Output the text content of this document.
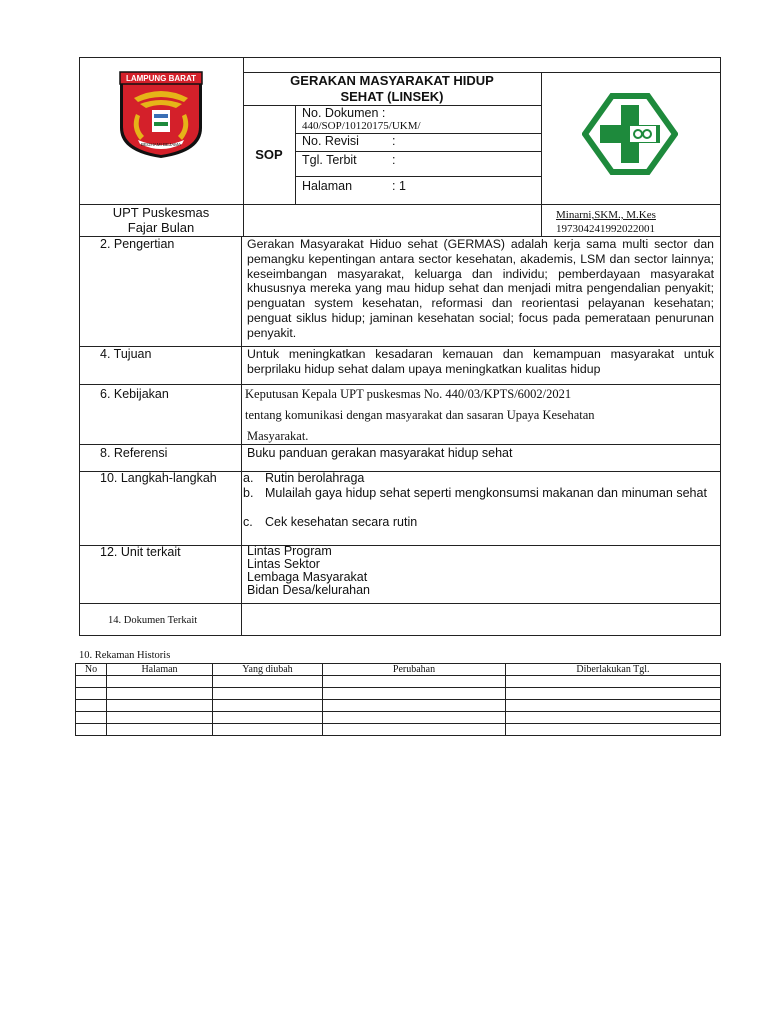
LAMPUNG BARAT
BEGHAMI BEJAMA
GERAKAN MASYARAKAT HIDUP
SEHAT (LINSEK)
SOP
No. Dokumen :
440/SOP/10120175/UKM/
No. Revisi	:
Tgl. Terbit	:
Halaman	: 1
UPT Puskesmas
Fajar Bulan
Minarni,SKM., M.Kes
197304241992022001
2. Pengertian	Gerakan Masyarakat Hiduo sehat (GERMAS) adalah kerja sama multi sector dan pemangku kepentingan antara sector kesehatan, akademis, LSM dan sector lainnya; keseimbangan masyarakat, keluarga dan individu; pemberdayaan masyarakat khususnya mereka yang mau hidup sehat dan menjadi mitra pengendalian penyakit; penguatan system kesehatan, reformasi dan reorientasi pelayanan kesehatan; penguat siklus hidup; jaminan kesehatan social; focus pada pemerataan penurunan penyakit.
4. Tujuan	Untuk meningkatkan kesadaran kemauan dan kemampuan masyarakat untuk berprilaku hidup sehat dalam upaya meningkatkan kualitas hidup
6. Kebijakan	Keputusan Kepala UPT puskesmas No. 440/03/KPTS/6002/2021
tentang komunikasi dengan masyarakat dan sasaran Upaya Kesehatan
Masyarakat.
8. Referensi	Buku panduan gerakan masyarakat hidup sehat
10. Langkah-langkah a. Rutin berolahraga
b. Mulailah gaya hidup sehat seperti mengkonsumsi makanan dan minuman sehat
c. Cek kesehatan secara rutin
12. Unit terkait	Lintas Program
Lintas Sektor
Lembaga Masyarakat
Bidan Desa/kelurahan
14. Dokumen Terkait
10. Rekaman Historis
No	Halaman	Yang diubah	Perubahan	Diberlakukan Tgl.
